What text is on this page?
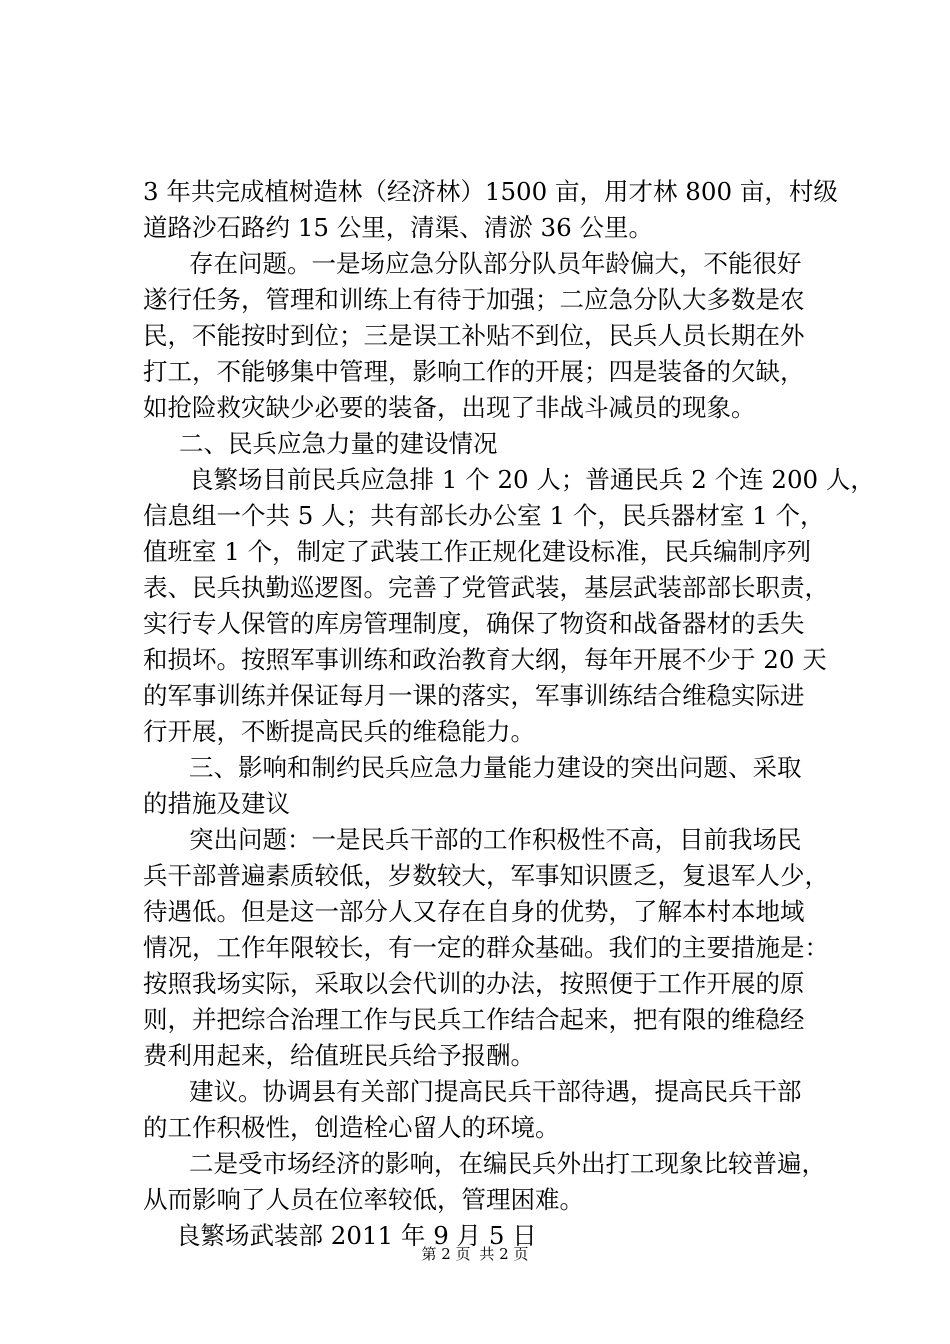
3 年共完成植树造林（经济林）1500 亩，用才林 800 亩，村级
道路沙石路约 15 公里，清渠、清淤 36 公里。
存在问题。一是场应急分队部分队员年龄偏大，不能很好
遂行任务，管理和训练上有待于加强；二应急分队大多数是农
民，不能按时到位；三是误工补贴不到位，民兵人员长期在外
打工，不能够集中管理，影响工作的开展；四是装备的欠缺，
如抢险救灾缺少必要的装备，出现了非战斗减员的现象。
二、民兵应急力量的建设情况
良繁场目前民兵应急排 1 个 20 人；普通民兵 2 个连 200 人，
信息组一个共 5 人；共有部长办公室 1 个，民兵器材室 1 个，
值班室 1 个，制定了武装工作正规化建设标准，民兵编制序列
表、民兵执勤巡逻图。完善了党管武装，基层武装部部长职责，
实行专人保管的库房管理制度，确保了物资和战备器材的丢失
和损坏。按照军事训练和政治教育大纲，每年开展不少于 20 天
的军事训练并保证每月一课的落实，军事训练结合维稳实际进
行开展，不断提高民兵的维稳能力。
三、影响和制约民兵应急力量能力建设的突出问题、采取
的措施及建议
突出问题：一是民兵干部的工作积极性不高，目前我场民
兵干部普遍素质较低，岁数较大，军事知识匮乏，复退军人少，
待遇低。但是这一部分人又存在自身的优势，了解本村本地域
情况，工作年限较长，有一定的群众基础。我们的主要措施是：
按照我场实际，采取以会代训的办法，按照便于工作开展的原
则，并把综合治理工作与民兵工作结合起来，把有限的维稳经
费利用起来，给值班民兵给予报酬。
建议。协调县有关部门提高民兵干部待遇，提高民兵干部
的工作积极性，创造栓心留人的环境。
二是受市场经济的影响，在编民兵外出打工现象比较普遍，
从而影响了人员在位率较低，管理困难。
良繁场武装部 2011 年 9 月 5 日
第 2 页 共 2 页
